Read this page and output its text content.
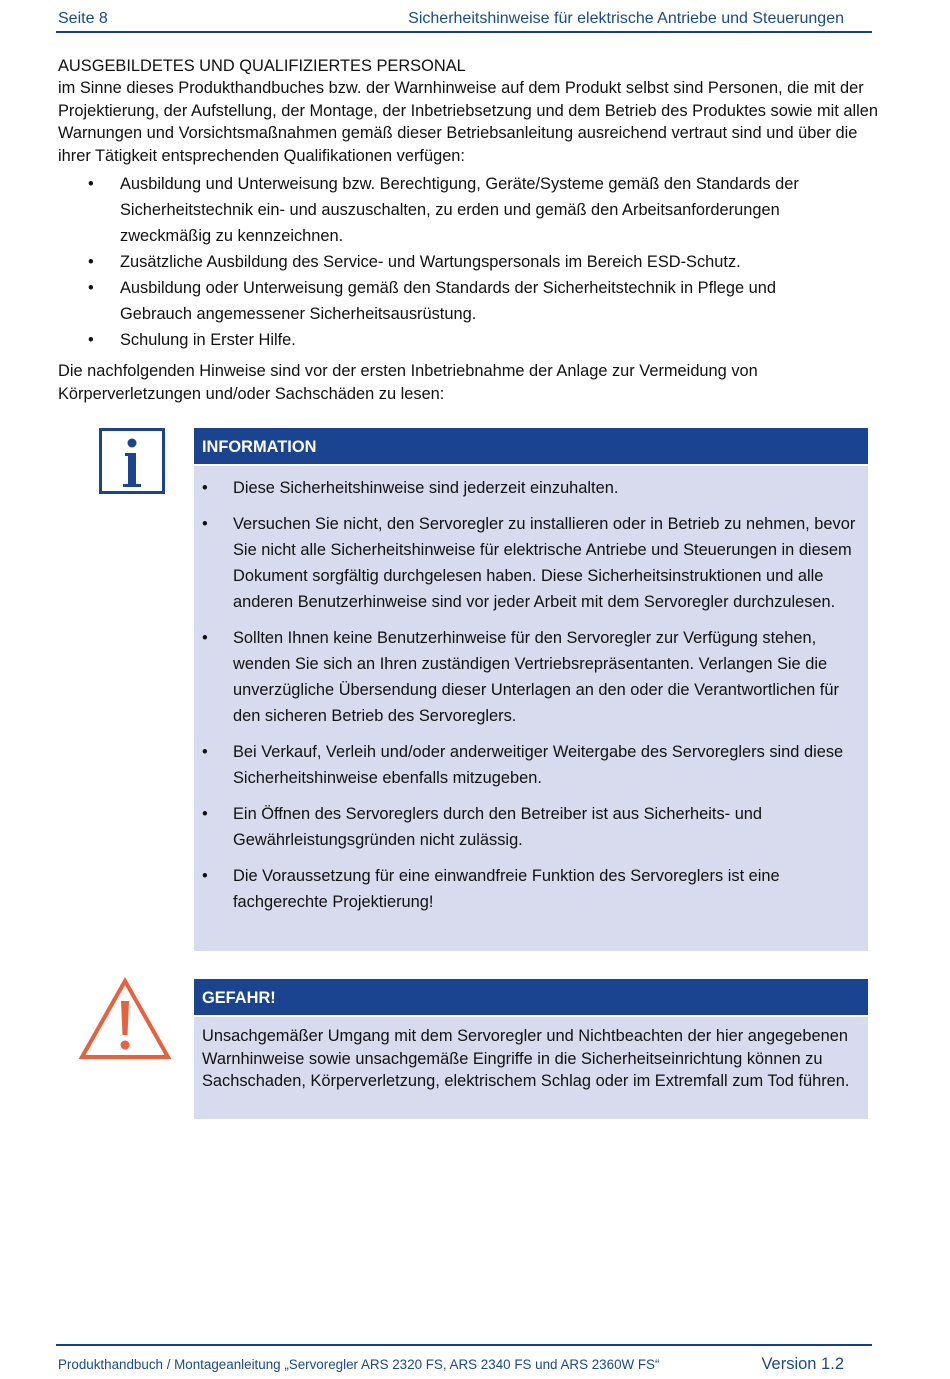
Seite 8	Sicherheitshinweise für elektrische Antriebe und Steuerungen
AUSGEBILDETES UND QUALIFIZIERTES PERSONAL
im Sinne dieses Produkthandbuches bzw. der Warnhinweise auf dem Produkt selbst sind Personen, die mit der Projektierung, der Aufstellung, der Montage, der Inbetriebsetzung und dem Betrieb des Produktes sowie mit allen Warnungen und Vorsichtsmaßnahmen gemäß dieser Betriebsanleitung ausreichend vertraut sind und über die ihrer Tätigkeit entsprechenden Qualifikationen verfügen:
• Ausbildung und Unterweisung bzw. Berechtigung, Geräte/Systeme gemäß den Standards der Sicherheitstechnik ein- und auszuschalten, zu erden und gemäß den Arbeitsanforderungen zweckmäßig zu kennzeichnen.
• Zusätzliche Ausbildung des Service- und Wartungspersonals im Bereich ESD-Schutz.
• Ausbildung oder Unterweisung gemäß den Standards der Sicherheitstechnik in Pflege und Gebrauch angemessener Sicherheitsausrüstung.
• Schulung in Erster Hilfe.
Die nachfolgenden Hinweise sind vor der ersten Inbetriebnahme der Anlage zur Vermeidung von Körperverletzungen und/oder Sachschäden zu lesen:
INFORMATION
• Diese Sicherheitshinweise sind jederzeit einzuhalten.
• Versuchen Sie nicht, den Servoregler zu installieren oder in Betrieb zu nehmen, bevor Sie nicht alle Sicherheitshinweise für elektrische Antriebe und Steuerungen in diesem Dokument sorgfältig durchgelesen haben. Diese Sicherheitsinstruktionen und alle anderen Benutzerhinweise sind vor jeder Arbeit mit dem Servoregler durchzulesen.
• Sollten Ihnen keine Benutzerhinweise für den Servoregler zur Verfügung stehen, wenden Sie sich an Ihren zuständigen Vertriebsrepräsentanten. Verlangen Sie die unverzügliche Übersendung dieser Unterlagen an den oder die Verantwortlichen für den sicheren Betrieb des Servoreglers.
• Bei Verkauf, Verleih und/oder anderweitiger Weitergabe des Servoreglers sind diese Sicherheitshinweise ebenfalls mitzugeben.
• Ein Öffnen des Servoreglers durch den Betreiber ist aus Sicherheits- und Gewährleistungsgründen nicht zulässig.
• Die Voraussetzung für eine einwandfreie Funktion des Servoreglers ist eine fachgerechte Projektierung!
GEFAHR!
Unsachgemäßer Umgang mit dem Servoregler und Nichtbeachten der hier angegebenen Warnhinweise sowie unsachgemäße Eingriffe in die Sicherheitseinrichtung können zu Sachschaden, Körperverletzung, elektrischem Schlag oder im Extremfall zum Tod führen.
Produkthandbuch / Montageanleitung „Servoregler ARS 2320 FS, ARS 2340 FS und ARS 2360W FS“	Version 1.2
